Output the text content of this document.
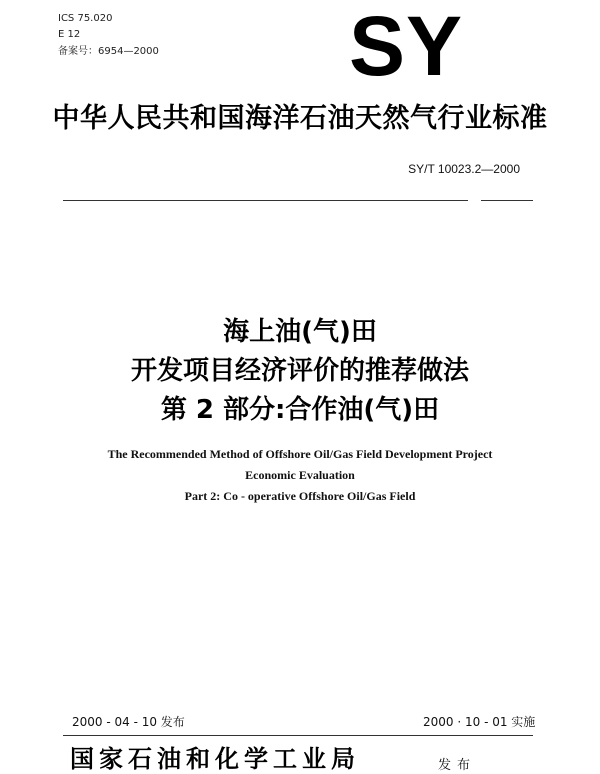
ICS 75.020
E 12
备案号：6954—2000 SY
中华人民共和国海洋石油天然气行业标准
SY/T 10023.2—2000
海上油(气)田
开发项目经济评价的推荐做法
第 2 部分:合作油(气)田
The Recommended Method of Offshore Oil/Gas Field Development Project
Economic Evaluation
Part 2: Co - operative Offshore Oil/Gas Field
2000 - 04 - 10 发布	2000 · 10 - 01 实施
国家石油和化学工业局	发布
